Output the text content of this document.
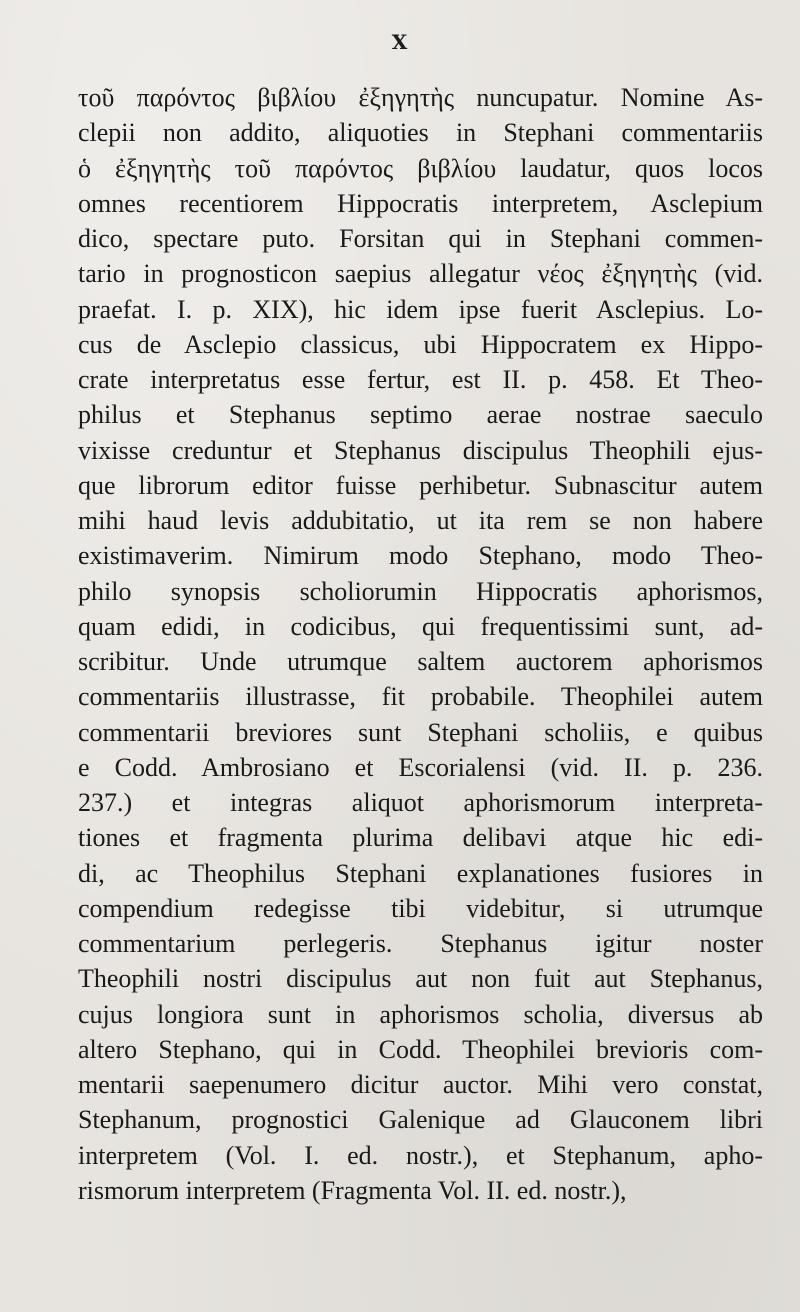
X
τοῦ παρόντος βιβλίου ἐξηγητὴς nuncupatur. Nomine As-
clepii non addito, aliquoties in Stephani commentariis
ὁ ἐξηγητὴς τοῦ παρόντος βιβλίου laudatur, quos locos
omnes recentiorem Hippocratis interpretem, Asclepium
dico, spectare puto. Forsitan qui in Stephani commen-
tario in prognosticon saepius allegatur νέος ἐξηγητὴς (vid.
praefat. I. p. XIX), hic idem ipse fuerit Asclepius. Lo-
cus de Asclepio classicus, ubi Hippocratem ex Hippo-
crate interpretatus esse fertur, est II. p. 458. Et Theo-
philus et Stephanus septimo aerae nostrae saeculo
vixisse creduntur et Stephanus discipulus Theophili ejus-
que librorum editor fuisse perhibetur. Subnascitur autem
mihi haud levis addubitatio, ut ita rem se non habere
existimaverim. Nimirum modo Stephano, modo Theo-
philo synopsis scholiorumin Hippocratis aphorismos,
quam edidi, in codicibus, qui frequentissimi sunt, ad-
scribitur. Unde utrumque saltem auctorem aphorismos
commentariis illustrasse, fit probabile. Theophilei autem
commentarii breviores sunt Stephani scholiis, e quibus
e Codd. Ambrosiano et Escorialensi (vid. II. p. 236.
237.) et integras aliquot aphorismorum interpreta-
tiones et fragmenta plurima delibavi atque hic edi-
di, ac Theophilus Stephani explanationes fusiores in
compendium redegisse tibi videbitur, si utrumque
commentarium perlegeris. Stephanus igitur noster
Theophili nostri discipulus aut non fuit aut Stephanus,
cujus longiora sunt in aphorismos scholia, diversus ab
altero Stephano, qui in Codd. Theophilei brevioris com-
mentarii saepenumero dicitur auctor. Mihi vero constat,
Stephanum, prognostici Galenique ad Glauconem libri
interpretem (Vol. I. ed. nostr.), et Stephanum, apho-
rismorum interpretem (Fragmenta Vol. II. ed. nostr.),
